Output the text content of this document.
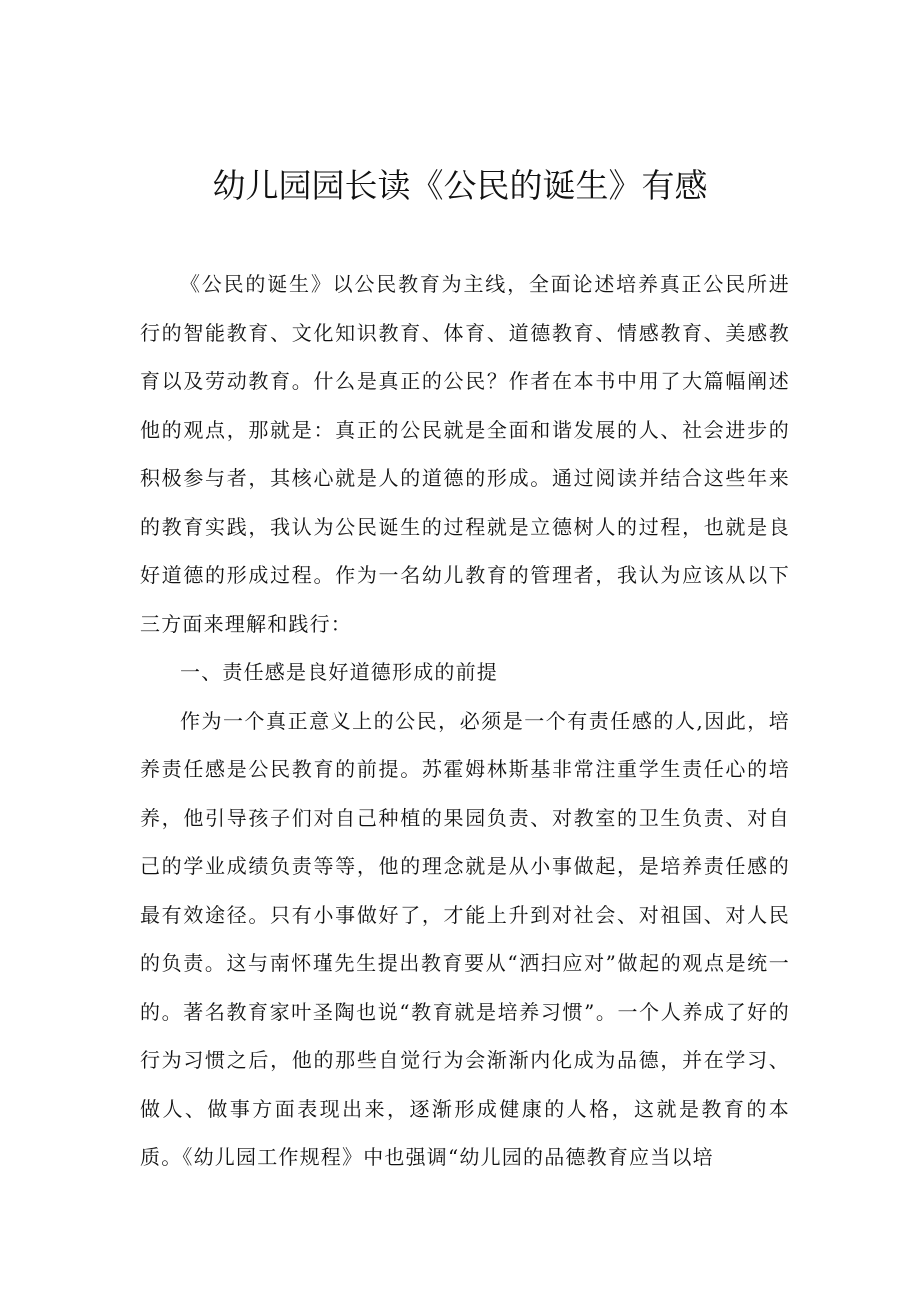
幼儿园园长读《公民的诞生》有感

《公民的诞生》以公民教育为主线，全面论述培养真正公民所进行的智能教育、文化知识教育、体育、道德教育、情感教育、美感教育以及劳动教育。什么是真正的公民？作者在本书中用了大篇幅阐述他的观点，那就是：真正的公民就是全面和谐发展的人、社会进步的积极参与者，其核心就是人的道德的形成。通过阅读并结合这些年来的教育实践，我认为公民诞生的过程就是立德树人的过程，也就是良好道德的形成过程。作为一名幼儿教育的管理者，我认为应该从以下三方面来理解和践行：

一、责任感是良好道德形成的前提

作为一个真正意义上的公民，必须是一个有责任感的人,因此，培养责任感是公民教育的前提。苏霍姆林斯基非常注重学生责任心的培养，他引导孩子们对自己种植的果园负责、对教室的卫生负责、对自己的学业成绩负责等等，他的理念就是从小事做起，是培养责任感的最有效途径。只有小事做好了，才能上升到对社会、对祖国、对人民的负责。这与南怀瑾先生提出教育要从“洒扫应对”做起的观点是统一的。著名教育家叶圣陶也说“教育就是培养习惯”。一个人养成了好的行为习惯之后，他的那些自觉行为会渐渐内化成为品德，并在学习、做人、做事方面表现出来，逐渐形成健康的人格，这就是教育的本质。《幼儿园工作规程》中也强调“幼儿园的品德教育应当以培
